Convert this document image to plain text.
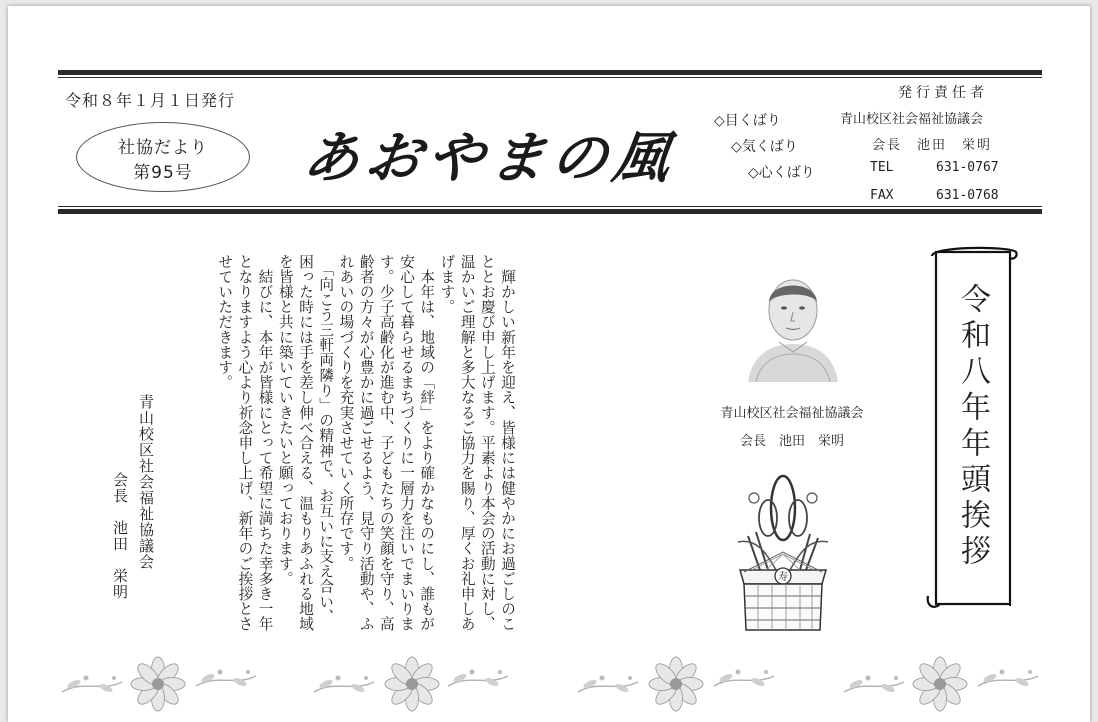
令和８年１月１日発行
社協だより
第95号	あおやまの風
◇目くばり
◇気くばり
◇心くばり
発行責任者
青山校区社会福祉協議会
会長　池田　栄明
TEL	631-0767
FAX	631-0768

　輝かしい新年を迎え、皆様には健やかにお過ごしのこととお慶び申し上げます。平素より本会の活動に対し、温かいご理解と多大なるご協力を賜り、厚くお礼申しあげます。

　本年は、地域の「絆」をより確かなものにし、誰もが安心して暮らせるまちづくりに一層力を注いでまいります。少子高齢化が進む中、子どもたちの笑顔を守り、高齢者の方々が心豊かに過ごせるよう、見守り活動や、ふれあいの場づくりを充実させていく所存です。

　「向こう三軒両隣り」の精神で、お互いに支え合い、困った時には手を差し伸べ合える、温もりあふれる地域を皆様と共に築いていきたいと願っております。

　結びに、本年が皆様にとって希望に満ちた幸多き一年となりますよう心より祈念申し上げ、新年のご挨拶とさせていただきます。

青山校区社会福祉協議会
会長　池田　栄明
青山校区社会福祉協議会
会長　池田　栄明
寿
令和八年年頭挨拶
